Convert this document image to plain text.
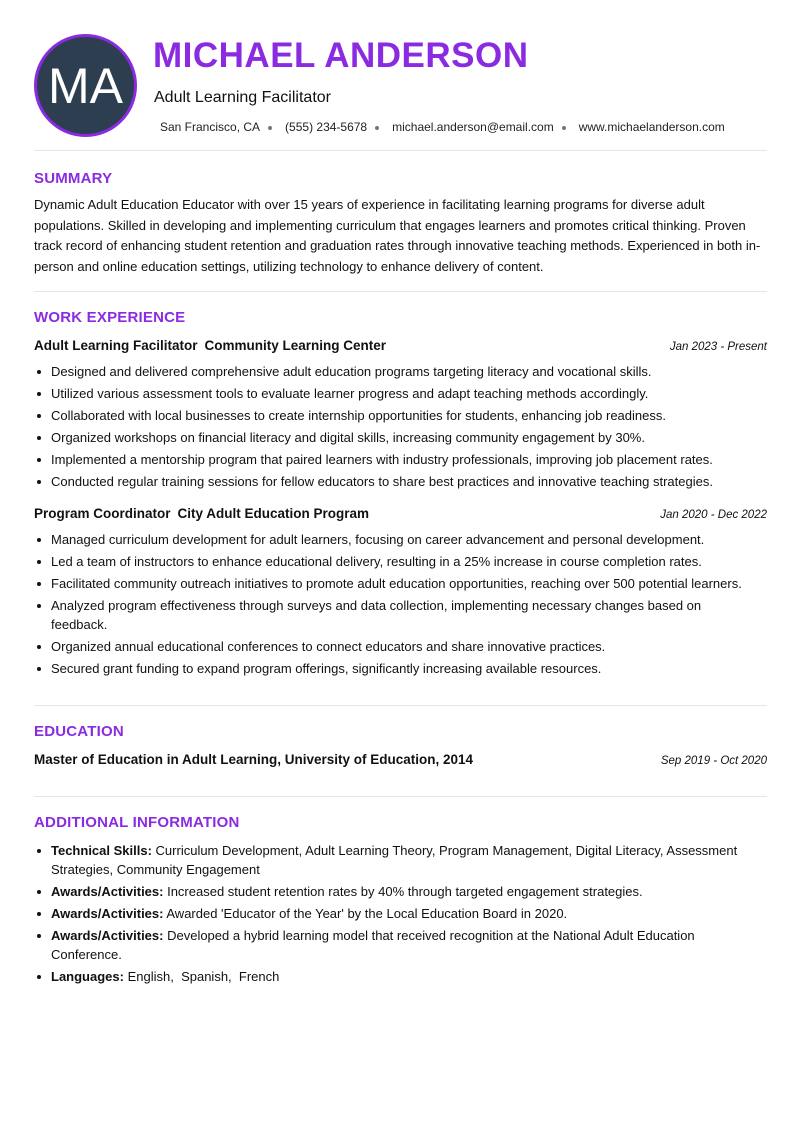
MA
MICHAEL ANDERSON
Adult Learning Facilitator
San Francisco, CA (555) 234-5678 michael.anderson@email.com www.michaelanderson.com
SUMMARY
Dynamic Adult Education Educator with over 15 years of experience in facilitating learning programs for diverse adult populations. Skilled in developing and implementing curriculum that engages learners and promotes critical thinking. Proven track record of enhancing student retention and graduation rates through innovative teaching methods. Experienced in both in-person and online education settings, utilizing technology to enhance delivery of content.
WORK EXPERIENCE
Adult Learning Facilitator Community Learning Center	Jan 2023 - Present
Designed and delivered comprehensive adult education programs targeting literacy and vocational skills.
Utilized various assessment tools to evaluate learner progress and adapt teaching methods accordingly.
Collaborated with local businesses to create internship opportunities for students, enhancing job readiness.
Organized workshops on financial literacy and digital skills, increasing community engagement by 30%.
Implemented a mentorship program that paired learners with industry professionals, improving job placement rates.
Conducted regular training sessions for fellow educators to share best practices and innovative teaching strategies.
Program Coordinator City Adult Education Program	Jan 2020 - Dec 2022
Managed curriculum development for adult learners, focusing on career advancement and personal development.
Led a team of instructors to enhance educational delivery, resulting in a 25% increase in course completion rates.
Facilitated community outreach initiatives to promote adult education opportunities, reaching over 500 potential learners.
Analyzed program effectiveness through surveys and data collection, implementing necessary changes based on feedback.
Organized annual educational conferences to connect educators and share innovative practices.
Secured grant funding to expand program offerings, significantly increasing available resources.
EDUCATION
Master of Education in Adult Learning, University of Education, 2014	Sep 2019 - Oct 2020
ADDITIONAL INFORMATION
Technical Skills: Curriculum Development, Adult Learning Theory, Program Management, Digital Literacy, Assessment Strategies, Community Engagement
Awards/Activities: Increased student retention rates by 40% through targeted engagement strategies.
Awards/Activities: Awarded 'Educator of the Year' by the Local Education Board in 2020.
Awards/Activities: Developed a hybrid learning model that received recognition at the National Adult Education Conference.
Languages: English,  Spanish,  French
